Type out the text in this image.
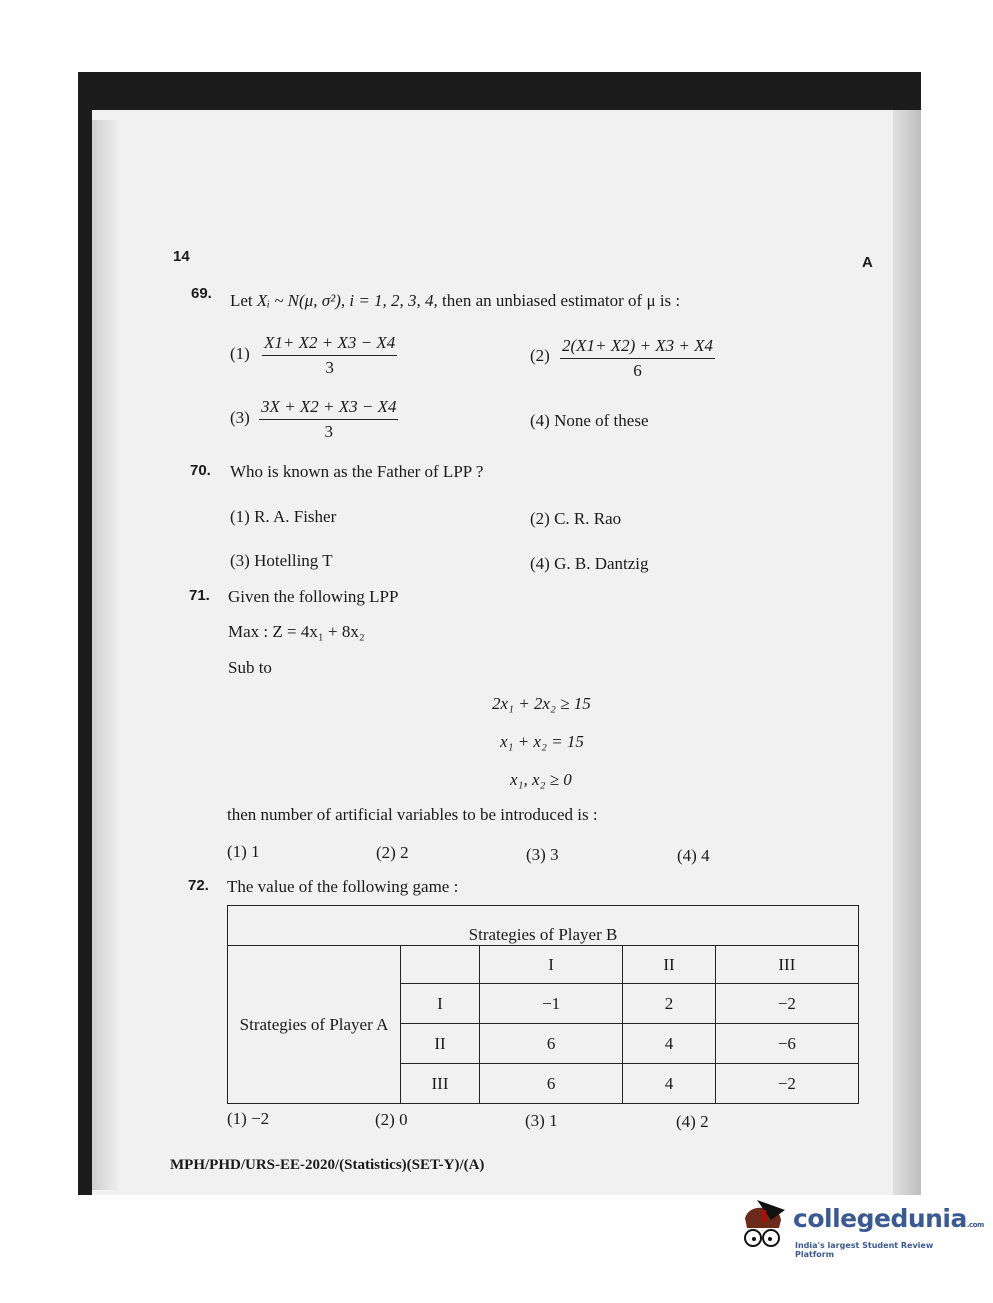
14	A
69. Let Xᵢ ~ N(μ, σ²), i = 1, 2, 3, 4, then an unbiased estimator of μ is :
$(1) \frac{X1+ X2 + X3 - X4}{3}$	$(2) \frac{2(X1+ X2) + X3 + X4}{6}$
$(3) \frac{3X + X2 + X3 - X4}{3}$	(4) None of these
70. Who is known as the Father of LPP ?
(1) R. A. Fisher	(2) C. R. Rao
(3) Hotelling T	(4) G. B. Dantzig
71. Given the following LPP
Max : Z = 4x₁ + 8x₂
Sub to
2x₁ + 2x₂ ≥ 15
x₁ + x₂ = 15
x₁, x₂ ≥ 0
then number of artificial variables to be introduced is :
(1) 1	(2) 2	(3) 3	(4) 4
72. The value of the following game :
Strategies of Player B				
Strategies of Player A		I	II	III
	I	−1	2	−2
	II	6	4	−6
	III	6	4	−2
(1) −2	(2) 0	(3) 1	(4) 2
MPH/PHD/URS-EE-2020/(Statistics)(SET-Y)/(A)
collegedunia.com
India's largest Student Review Platform
